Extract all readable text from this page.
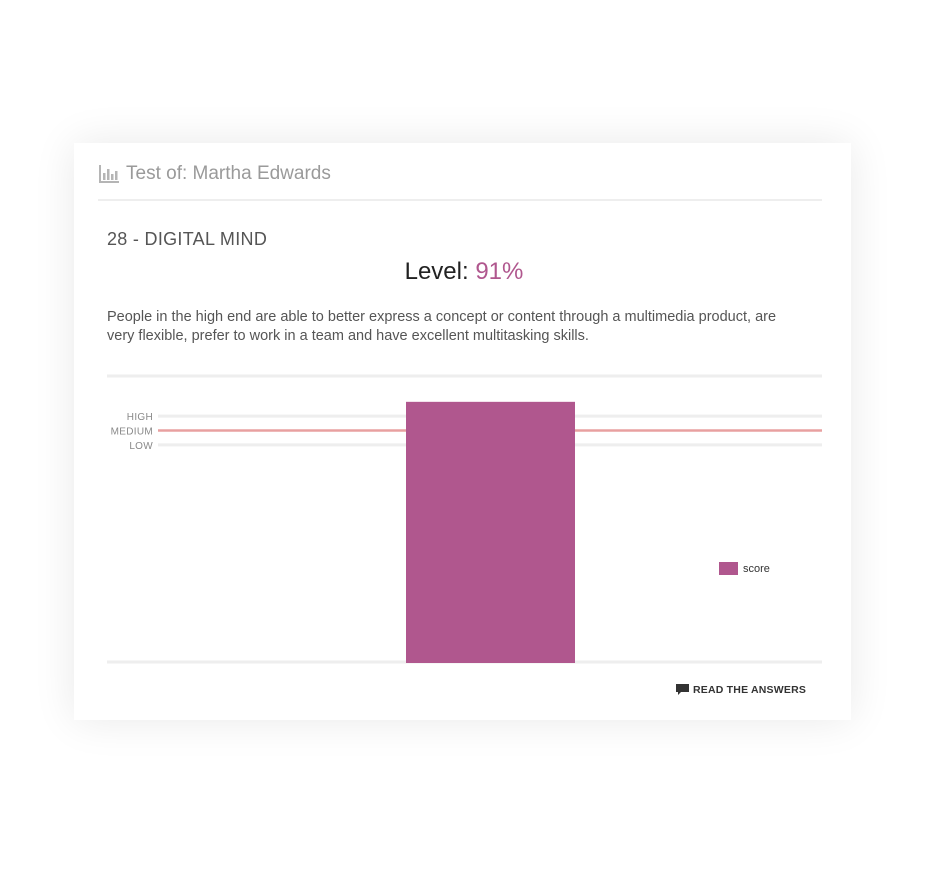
Test of: Martha Edwards
28 - DIGITAL MIND
Level: 91%
People in the high end are able to better express a concept or content through a multimedia product, are very flexible, prefer to work in a team and have excellent multitasking skills.
HIGH
MEDIUM
LOW
score
READ THE ANSWERS
